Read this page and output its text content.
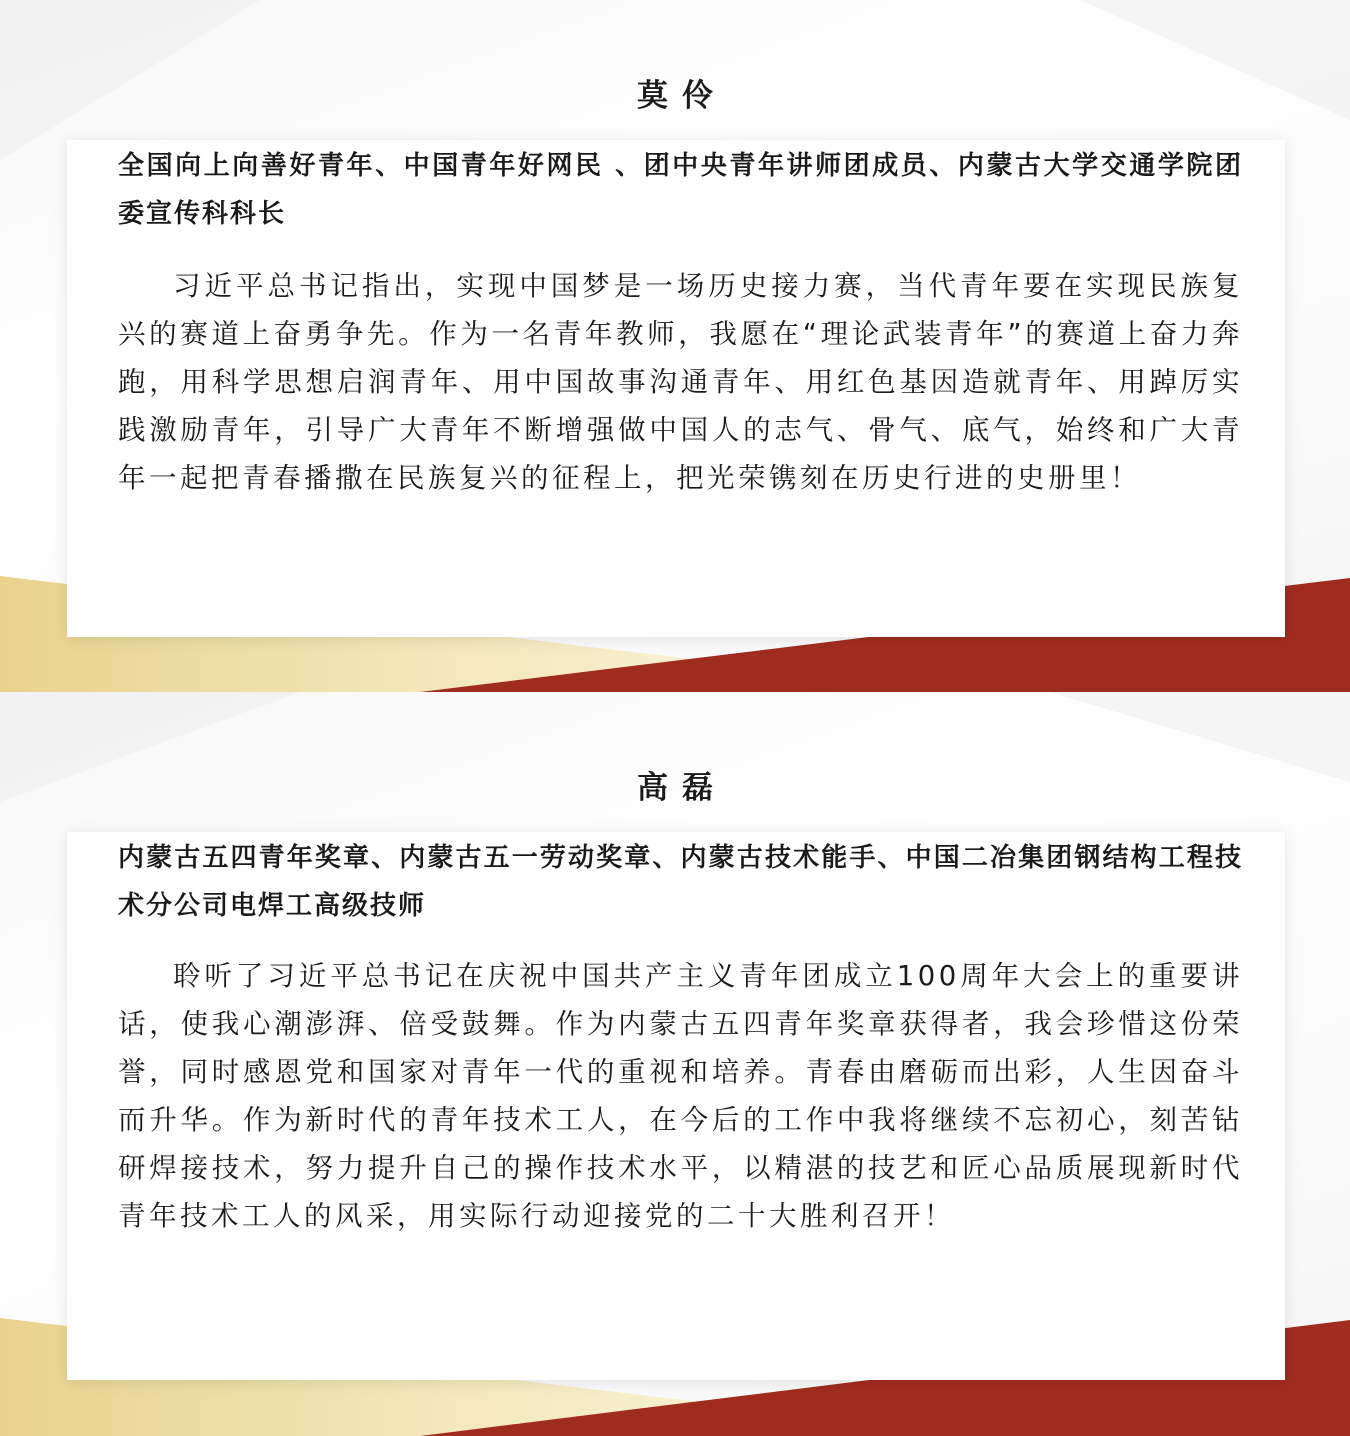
莫伶

全国向上向善好青年、中国青年好网民 、团中央青年讲师团成员、内蒙古大学交通学院团委宣传科科长

习近平总书记指出，实现中国梦是一场历史接力赛，当代青年要在实现民族复兴的赛道上奋勇争先。作为一名青年教师，我愿在“理论武装青年”的赛道上奋力奔跑，用科学思想启润青年、用中国故事沟通青年、用红色基因造就青年、用踔厉实践激励青年，引导广大青年不断增强做中国人的志气、骨气、底气，始终和广大青年一起把青春播撒在民族复兴的征程上，把光荣镌刻在历史行进的史册里！

高磊

内蒙古五四青年奖章、内蒙古五一劳动奖章、内蒙古技术能手、中国二冶集团钢结构工程技术分公司电焊工高级技师

聆听了习近平总书记在庆祝中国共产主义青年团成立100周年大会上的重要讲话，使我心潮澎湃、倍受鼓舞。作为内蒙古五四青年奖章获得者，我会珍惜这份荣誉，同时感恩党和国家对青年一代的重视和培养。青春由磨砺而出彩，人生因奋斗而升华。作为新时代的青年技术工人，在今后的工作中我将继续不忘初心，刻苦钻研焊接技术，努力提升自己的操作技术水平，以精湛的技艺和匠心品质展现新时代青年技术工人的风采，用实际行动迎接党的二十大胜利召开！
